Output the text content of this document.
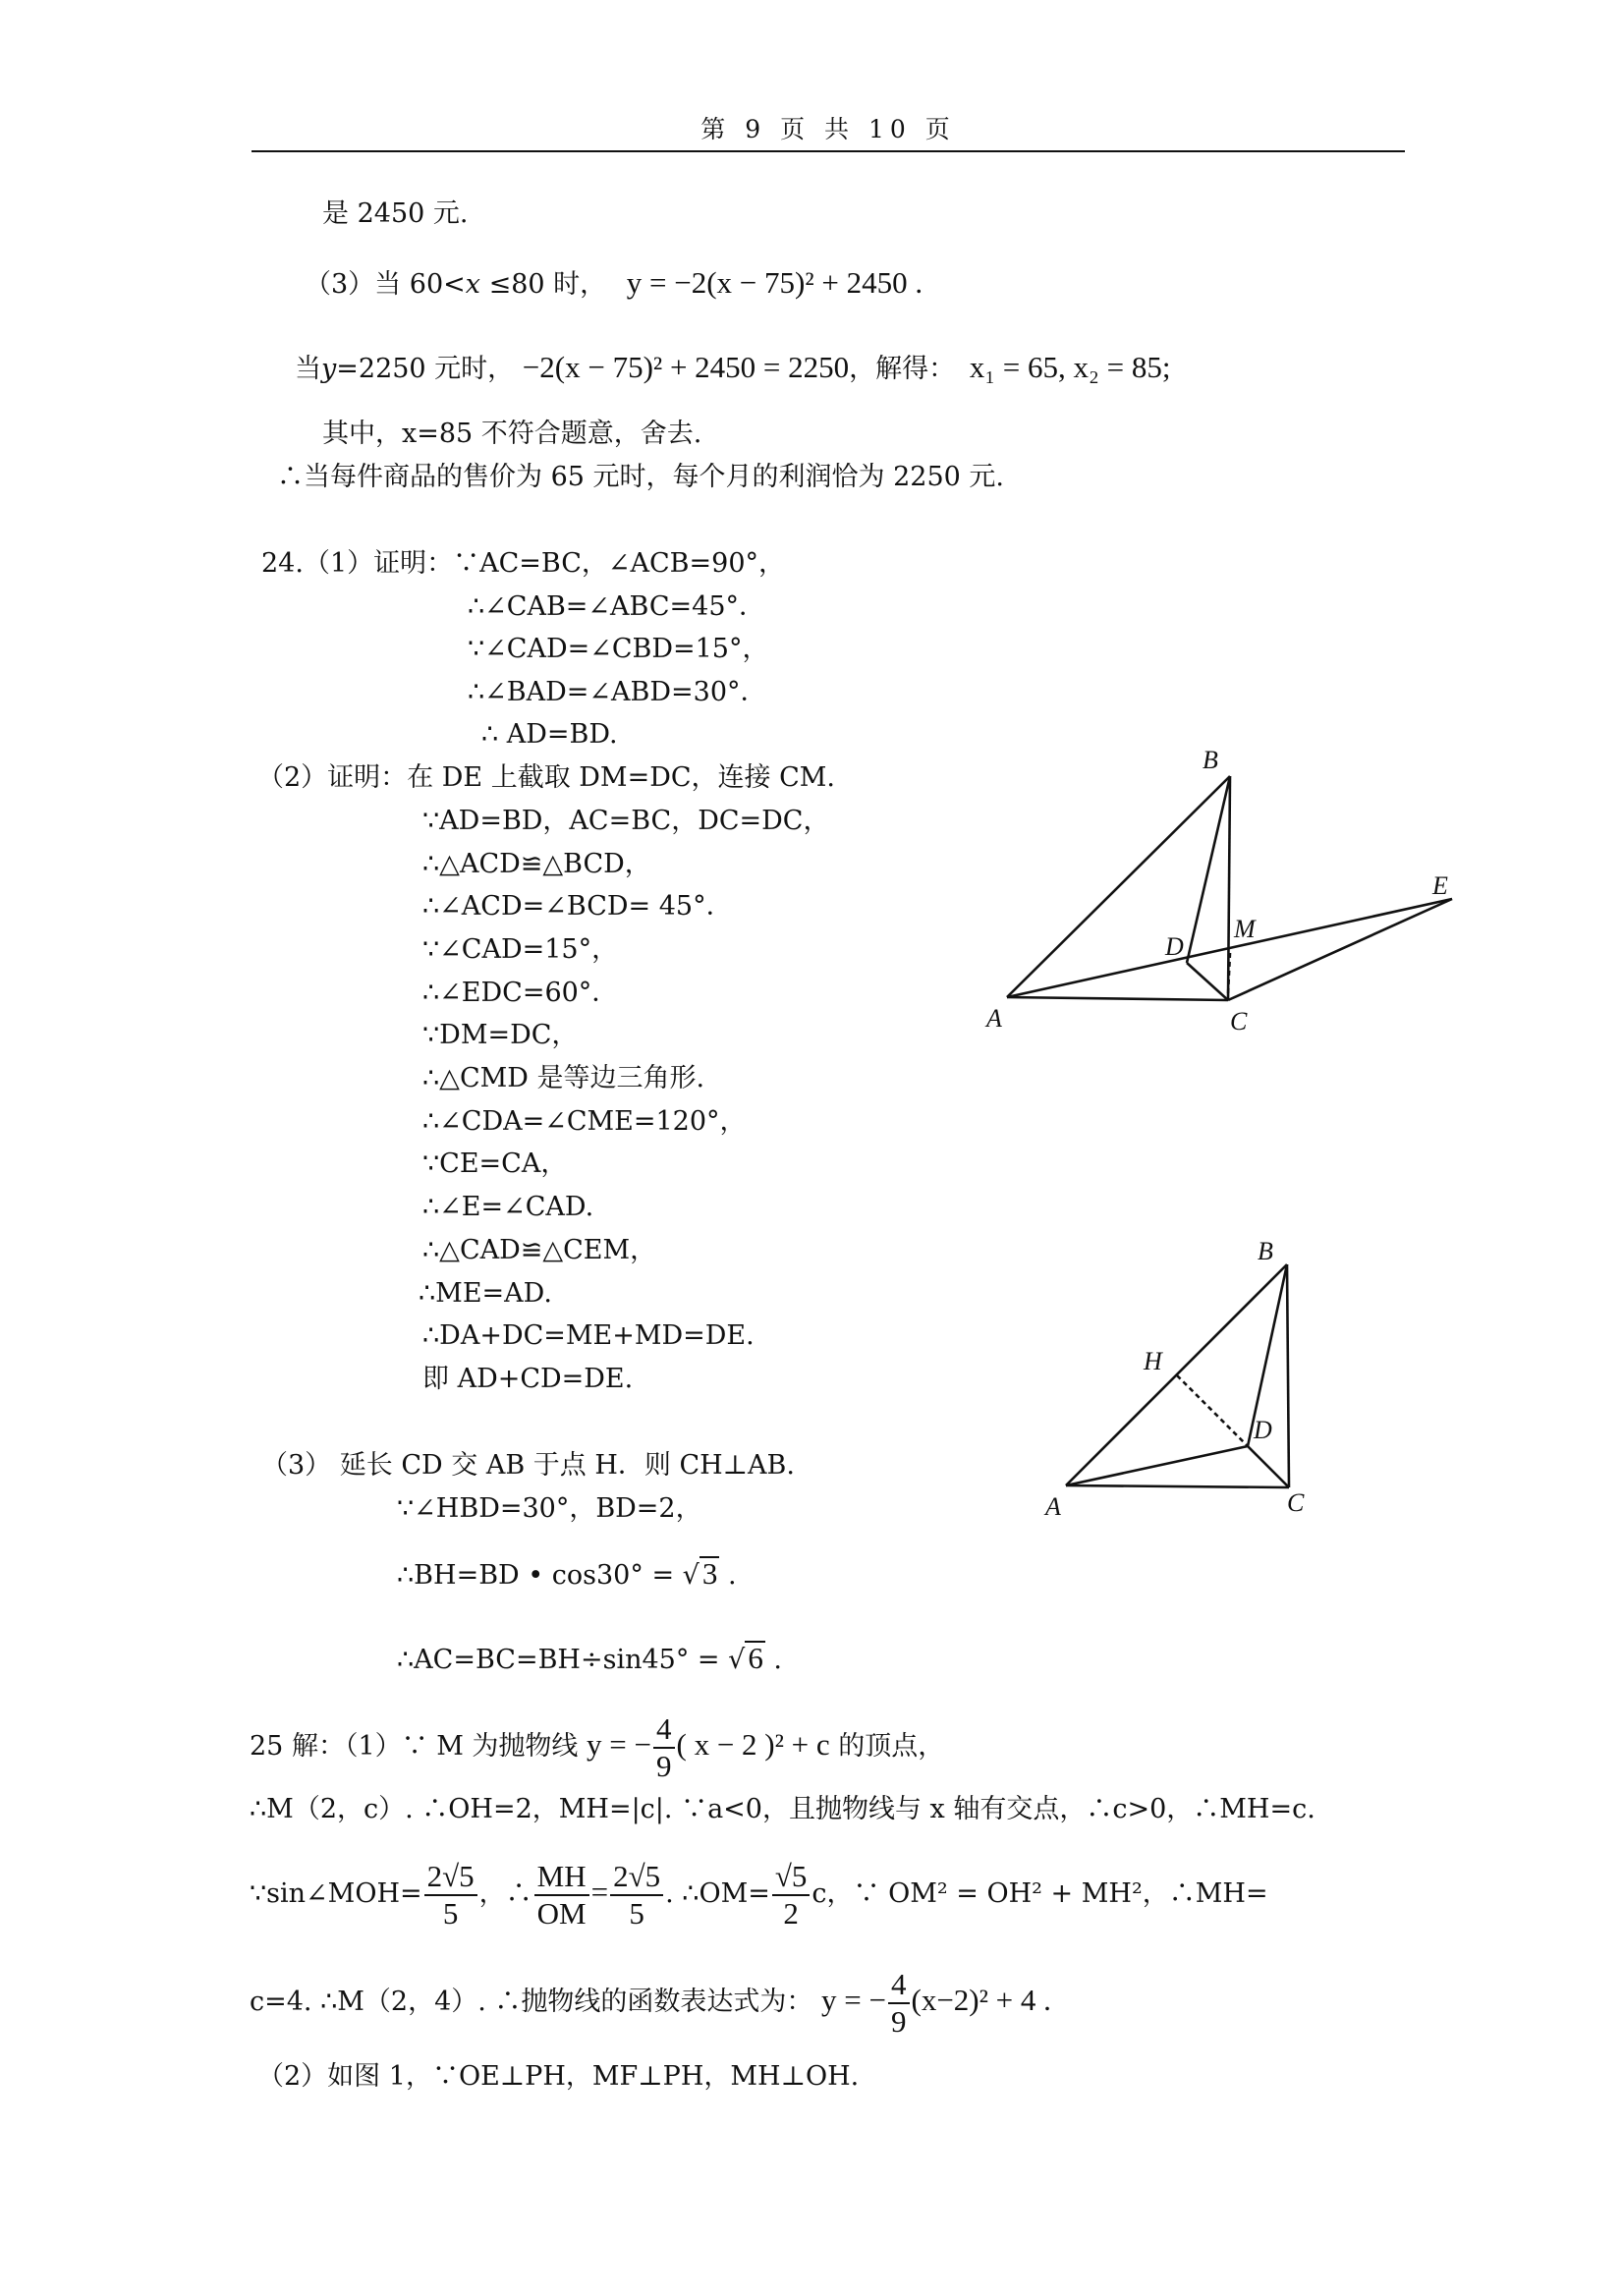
第 9 页 共 10 页
是 2450 元.
（3）当 60<x ≤80 时， y = −2(x − 75)² + 2450 .
当y=2250 元时， −2(x − 75)² + 2450 = 2250，解得： x₁ = 65, x₂ = 85;
其中，x=85 不符合题意，舍去.
∴当每件商品的售价为 65 元时，每个月的利润恰为 2250 元.
24.（1）证明：∵AC=BC，∠ACB=90°，
∴∠CAB=∠ABC=45°．
∵∠CAD=∠CBD=15°，
∴∠BAD=∠ABD=30°．
∴ AD=BD.
（2）证明：在 DE 上截取 DM=DC，连接 CM.
∵AD=BD，AC=BC，DC=DC，
∴△ACD≌△BCD，
∴∠ACD=∠BCD= 45°．
∵∠CAD=15°，
∴∠EDC=60°．
∵DM=DC，
∴△CMD 是等边三角形.
∴∠CDA=∠CME=120°，
∵CE=CA，
∴∠E=∠CAD.
∴△CAD≌△CEM，
∴ME=AD.
∴DA+DC=ME+MD=DE.
即 AD+CD=DE.
（3） 延长 CD 交 AB 于点 H．则 CH⊥AB.
∵∠HBD=30°，BD=2，
∴BH=BD • cos30° = √3 .
∴AC=BC=BH÷sin45° = √6 .
25 解：（1）∵ M 为抛物线 y = − $\frac{4}{9}$ ( x − 2 )² + c 的顶点，
∴M（2，c）. ∴OH=2，MH=|c|. ∵a<0，且抛物线与 x 轴有交点，∴c>0，∴MH=c.
∵sin∠MOH= $\frac{2√5}{5}$ ，∴ $\frac{MH}{OM} = \frac{2√5}{5}$ . ∴OM= $\frac{√5}{2}$ c，∵ OM² = OH² + MH²，∴MH=
c=4. ∴M（2，4）. ∴抛物线的函数表达式为： y = − $\frac{4}{9} (x-2)^2 + 4$ .
（2）如图 1，∵OE⊥PH，MF⊥PH，MH⊥OH.
A
B
C
D
E
M
A
B
C
D
H
